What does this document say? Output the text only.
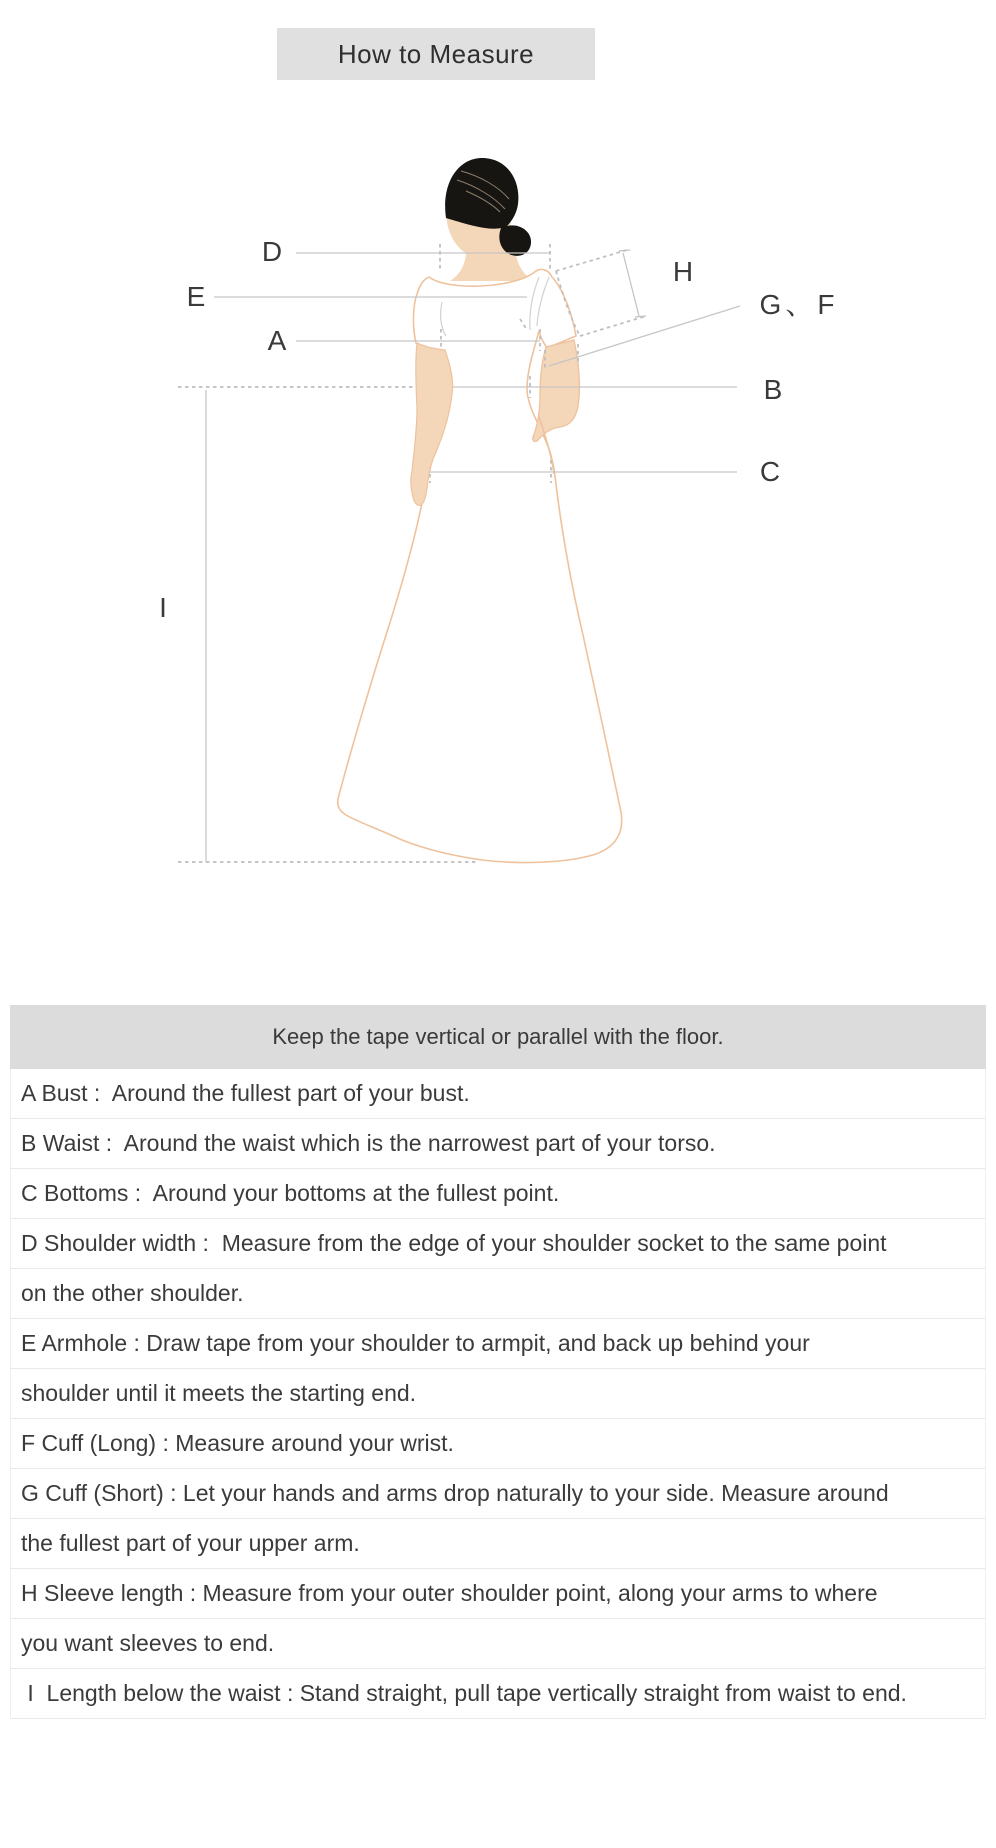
How to Measure
D
E
A
H
G、F
B
C
I
Keep the tape vertical or parallel with the floor.
A Bust :  Around the fullest part of your bust.
B Waist :  Around the waist which is the narrowest part of your torso.
C Bottoms :  Around your bottoms at the fullest point.
D Shoulder width :  Measure from the edge of your shoulder socket to the same point
on the other shoulder.
E Armhole : Draw tape from your shoulder to armpit, and back up behind your
shoulder until it meets the starting end.
F Cuff (Long) : Measure around your wrist.
G Cuff (Short) : Let your hands and arms drop naturally to your side. Measure around
the fullest part of your upper arm.
H Sleeve length : Measure from your outer shoulder point, along your arms to where
you want sleeves to end.
I  Length below the waist : Stand straight, pull tape vertically straight from waist to end.
